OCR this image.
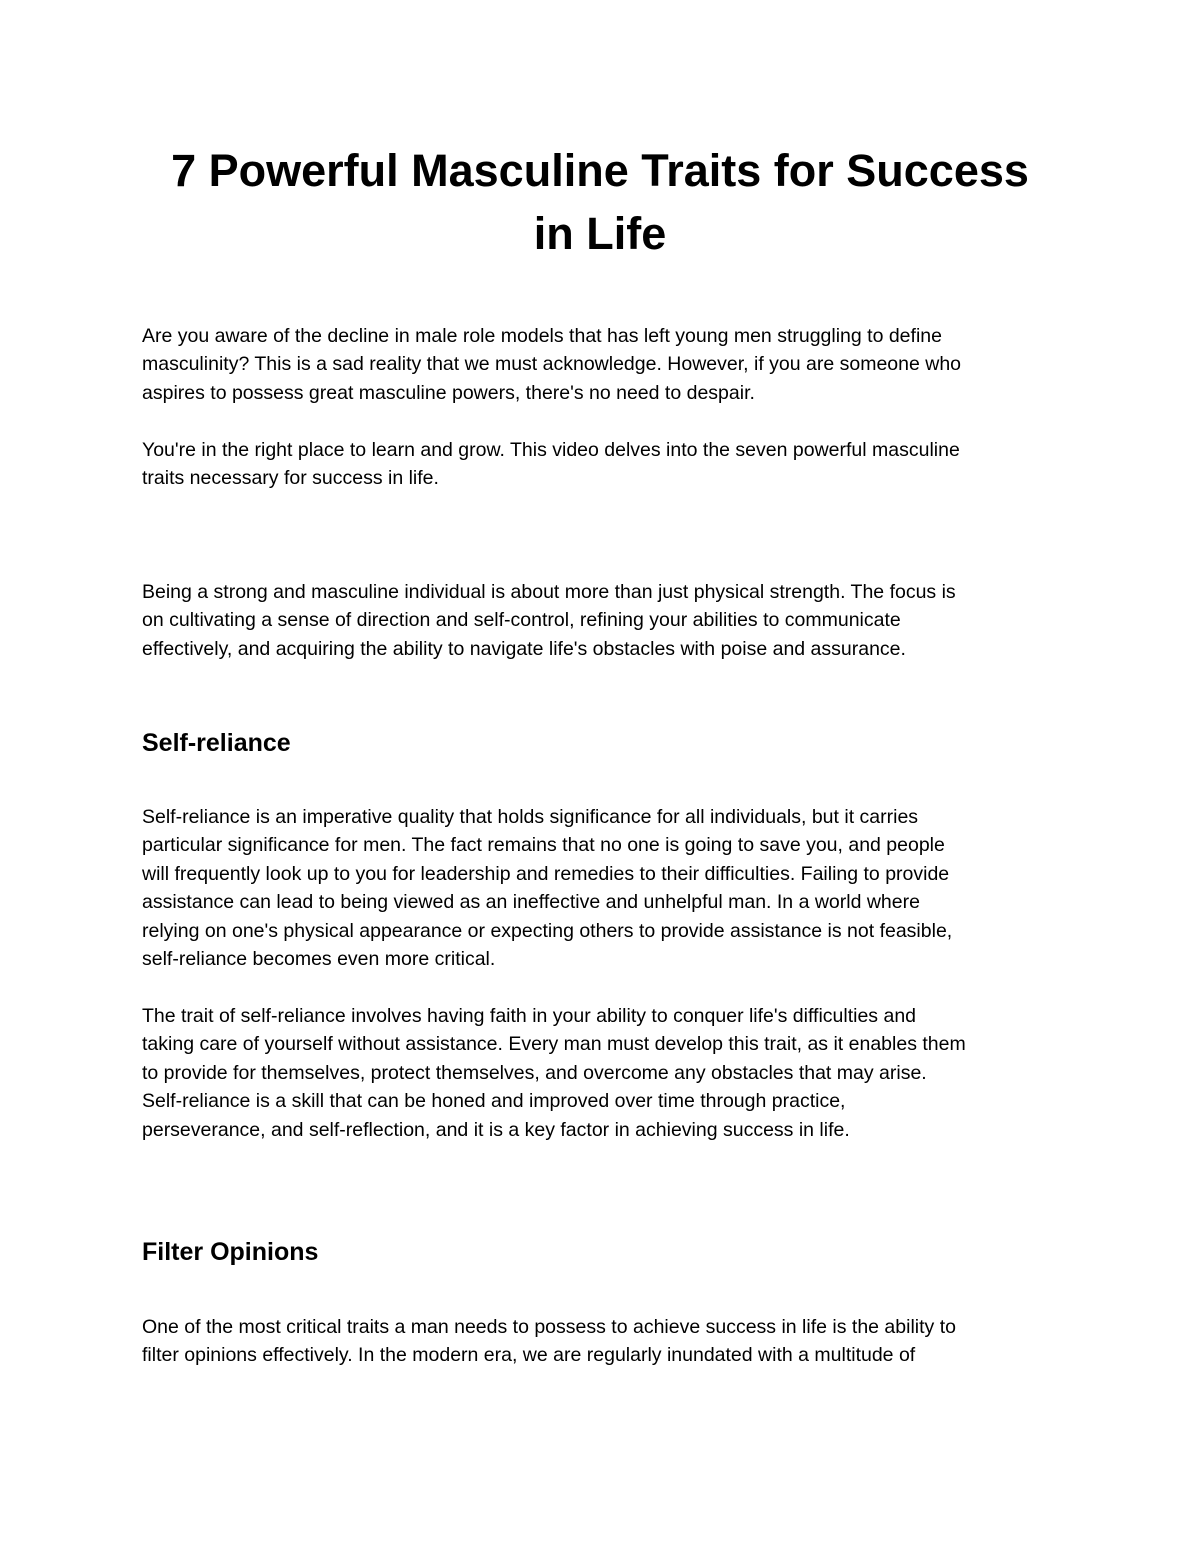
7 Powerful Masculine Traits for Success
in Life
Are you aware of the decline in male role models that has left young men struggling to define
masculinity? This is a sad reality that we must acknowledge. However, if you are someone who
aspires to possess great masculine powers, there's no need to despair.
You're in the right place to learn and grow. This video delves into the seven powerful masculine
traits necessary for success in life.
Being a strong and masculine individual is about more than just physical strength. The focus is
on cultivating a sense of direction and self-control, refining your abilities to communicate
effectively, and acquiring the ability to navigate life's obstacles with poise and assurance.
Self-reliance
Self-reliance is an imperative quality that holds significance for all individuals, but it carries
particular significance for men. The fact remains that no one is going to save you, and people
will frequently look up to you for leadership and remedies to their difficulties. Failing to provide
assistance can lead to being viewed as an ineffective and unhelpful man. In a world where
relying on one's physical appearance or expecting others to provide assistance is not feasible,
self-reliance becomes even more critical.
The trait of self-reliance involves having faith in your ability to conquer life's difficulties and
taking care of yourself without assistance. Every man must develop this trait, as it enables them
to provide for themselves, protect themselves, and overcome any obstacles that may arise.
Self-reliance is a skill that can be honed and improved over time through practice,
perseverance, and self-reflection, and it is a key factor in achieving success in life.
Filter Opinions
One of the most critical traits a man needs to possess to achieve success in life is the ability to
filter opinions effectively. In the modern era, we are regularly inundated with a multitude of
